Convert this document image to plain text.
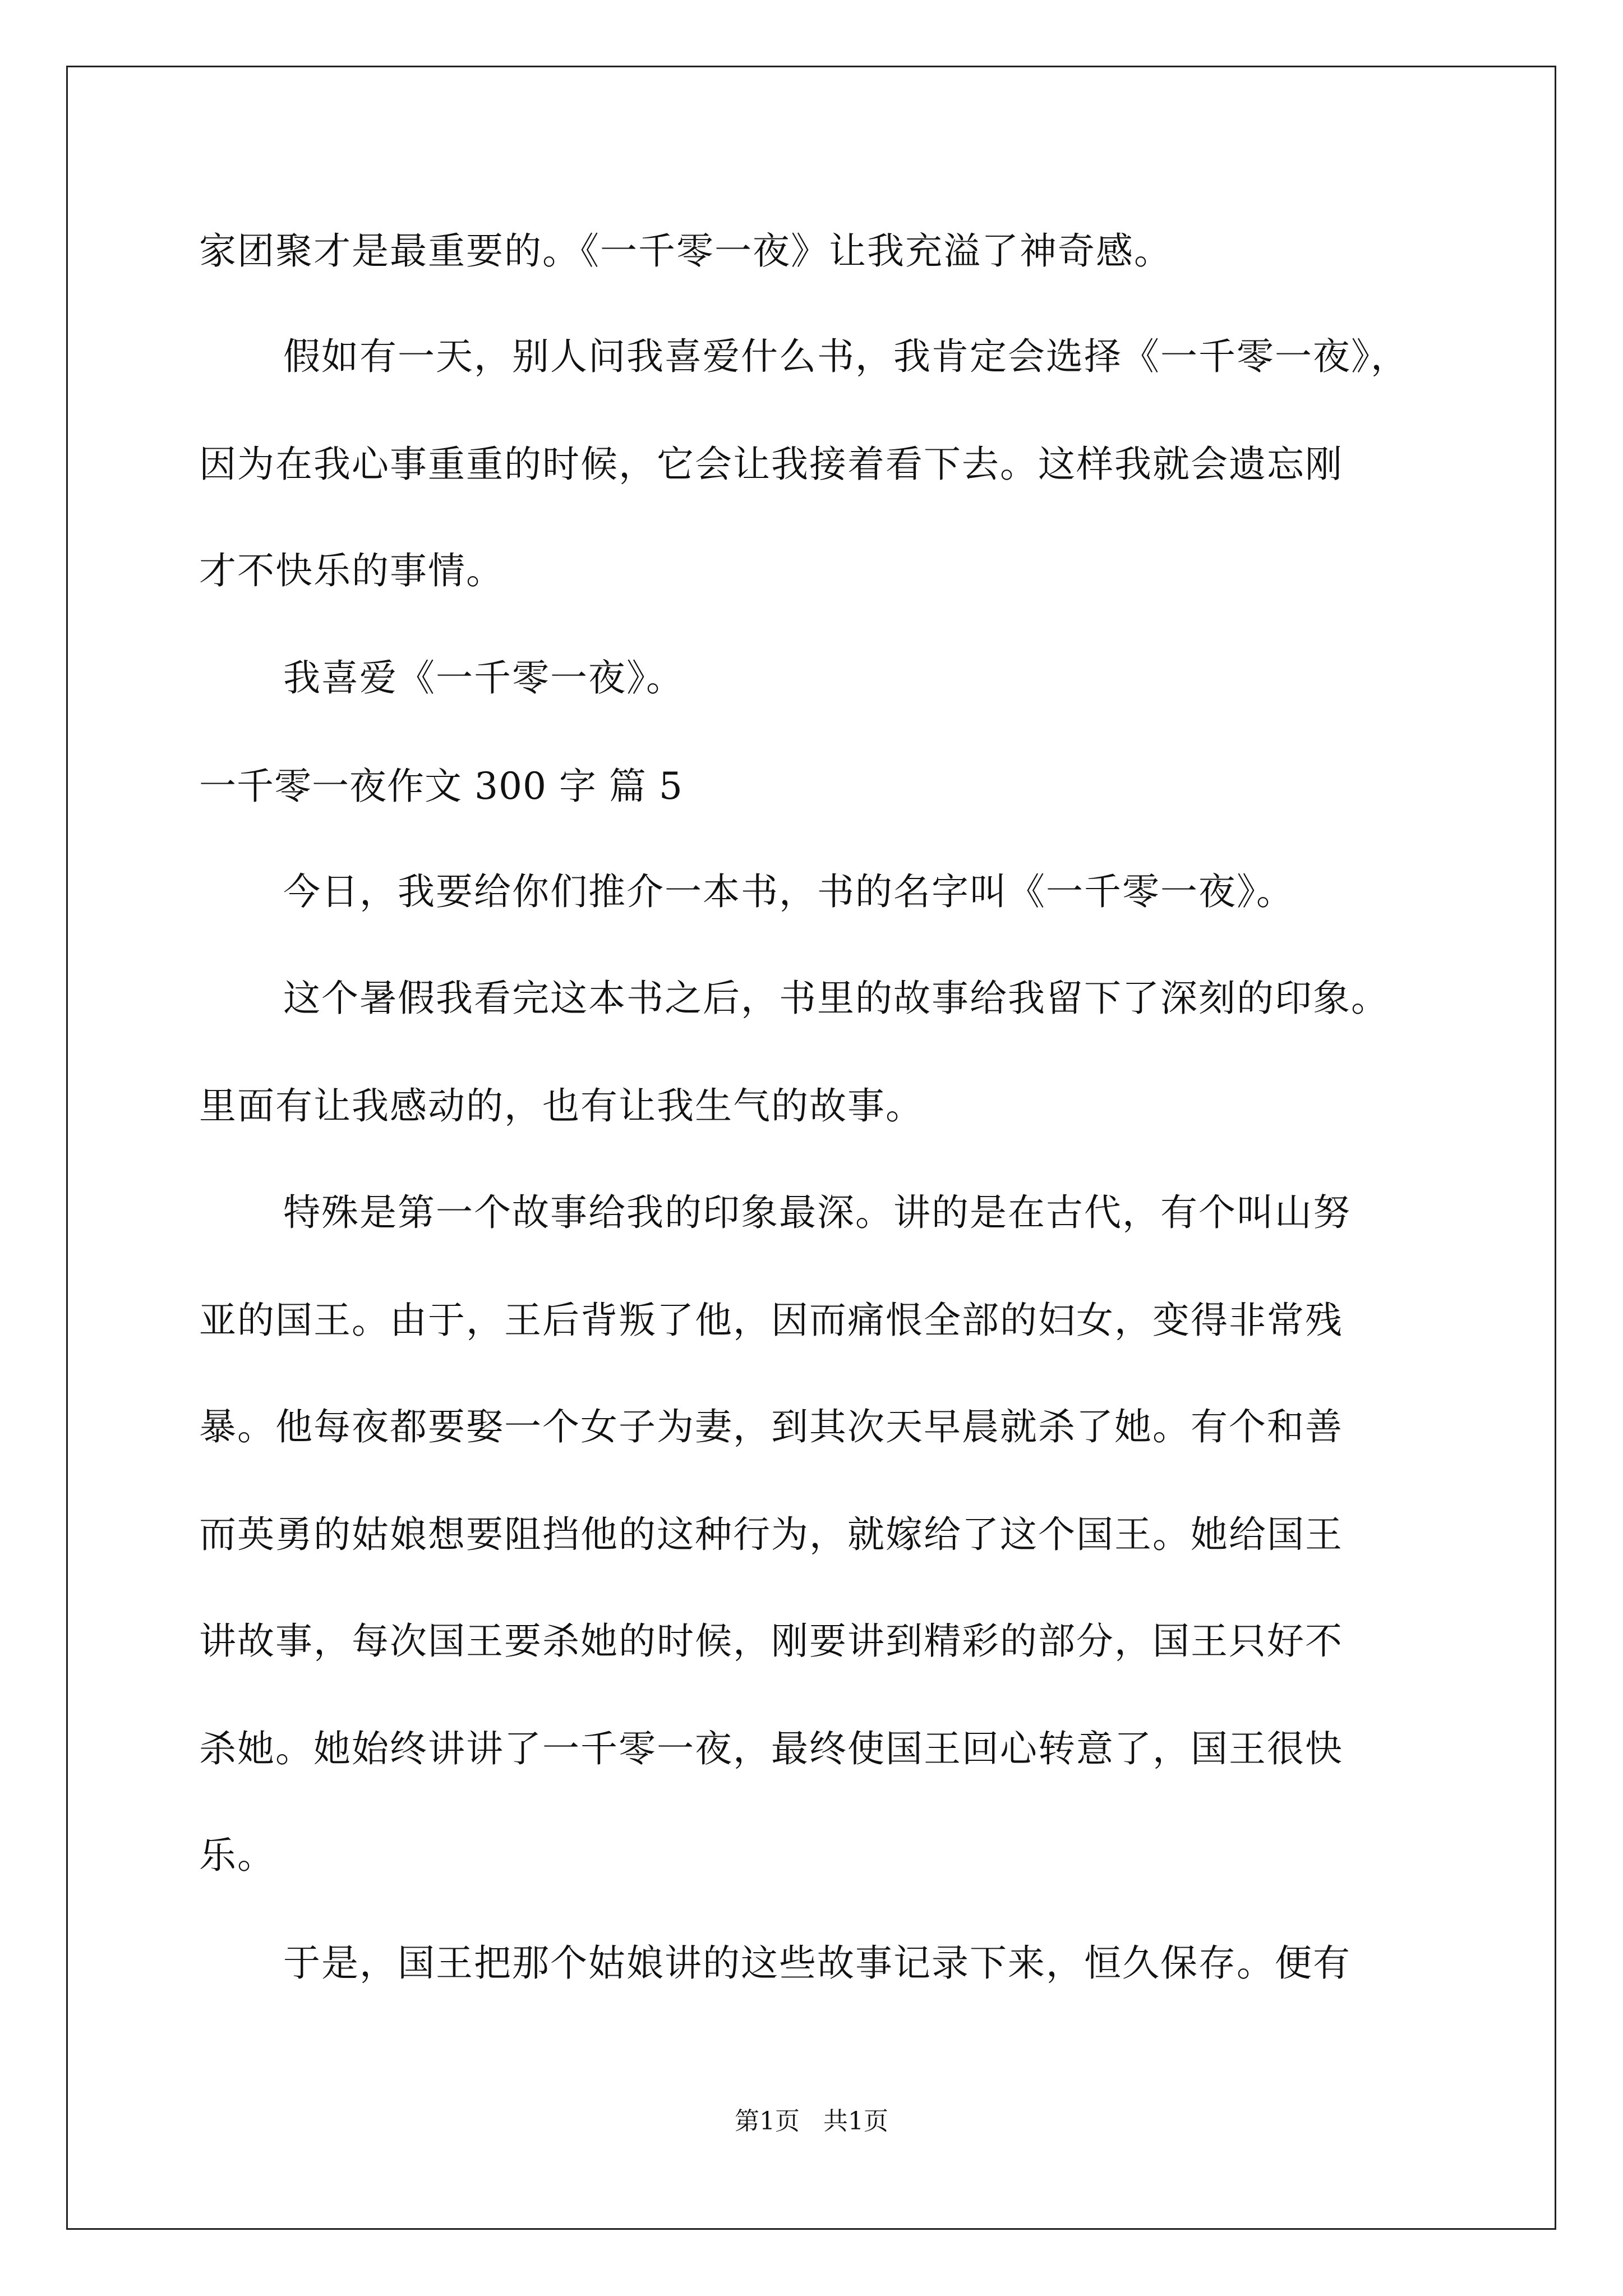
家团聚才是最重要的。《一千零一夜》让我充溢了神奇感。
假如有一天，别人问我喜爱什么书，我肯定会选择《一千零一夜》，
因为在我心事重重的时候，它会让我接着看下去。这样我就会遗忘刚
才不快乐的事情。
我喜爱《一千零一夜》。
一千零一夜作文 300 字 篇 5
今日，我要给你们推介一本书，书的名字叫《一千零一夜》。
这个暑假我看完这本书之后，书里的故事给我留下了深刻的印象。
里面有让我感动的，也有让我生气的故事。
特殊是第一个故事给我的印象最深。讲的是在古代，有个叫山努
亚的国王。由于，王后背叛了他，因而痛恨全部的妇女，变得非常残
暴。他每夜都要娶一个女子为妻，到其次天早晨就杀了她。有个和善
而英勇的姑娘想要阻挡他的这种行为，就嫁给了这个国王。她给国王
讲故事，每次国王要杀她的时候，刚要讲到精彩的部分，国王只好不
杀她。她始终讲讲了一千零一夜，最终使国王回心转意了，国王很快
乐。
于是，国王把那个姑娘讲的这些故事记录下来，恒久保存。便有
第1页   共1页
